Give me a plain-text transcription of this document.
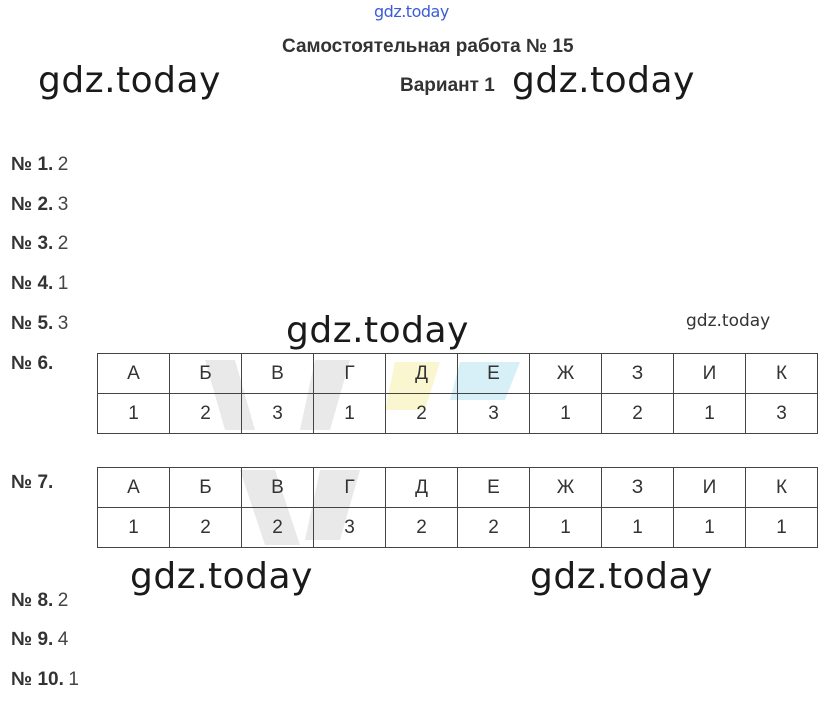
gdz.today
Самостоятельная работа № 15
Вариант 1
gdz.today	gdz.today
gdz.today	gdz.today
№ 1. 2
№ 2. 3
№ 3. 2
№ 4. 1
№ 5. 3
№ 6.
№ 7.
№ 8. 2
№ 9. 4
№ 10. 1
А	Б	В	Г	Д	Е	Ж	З	И	К
1	2	3	1	2	3	1	2	1	3
А	Б	В	Г	Д	Е	Ж	З	И	К
1	2	2	3	2	2	1	1	1	1
gdz.today	gdz.today
